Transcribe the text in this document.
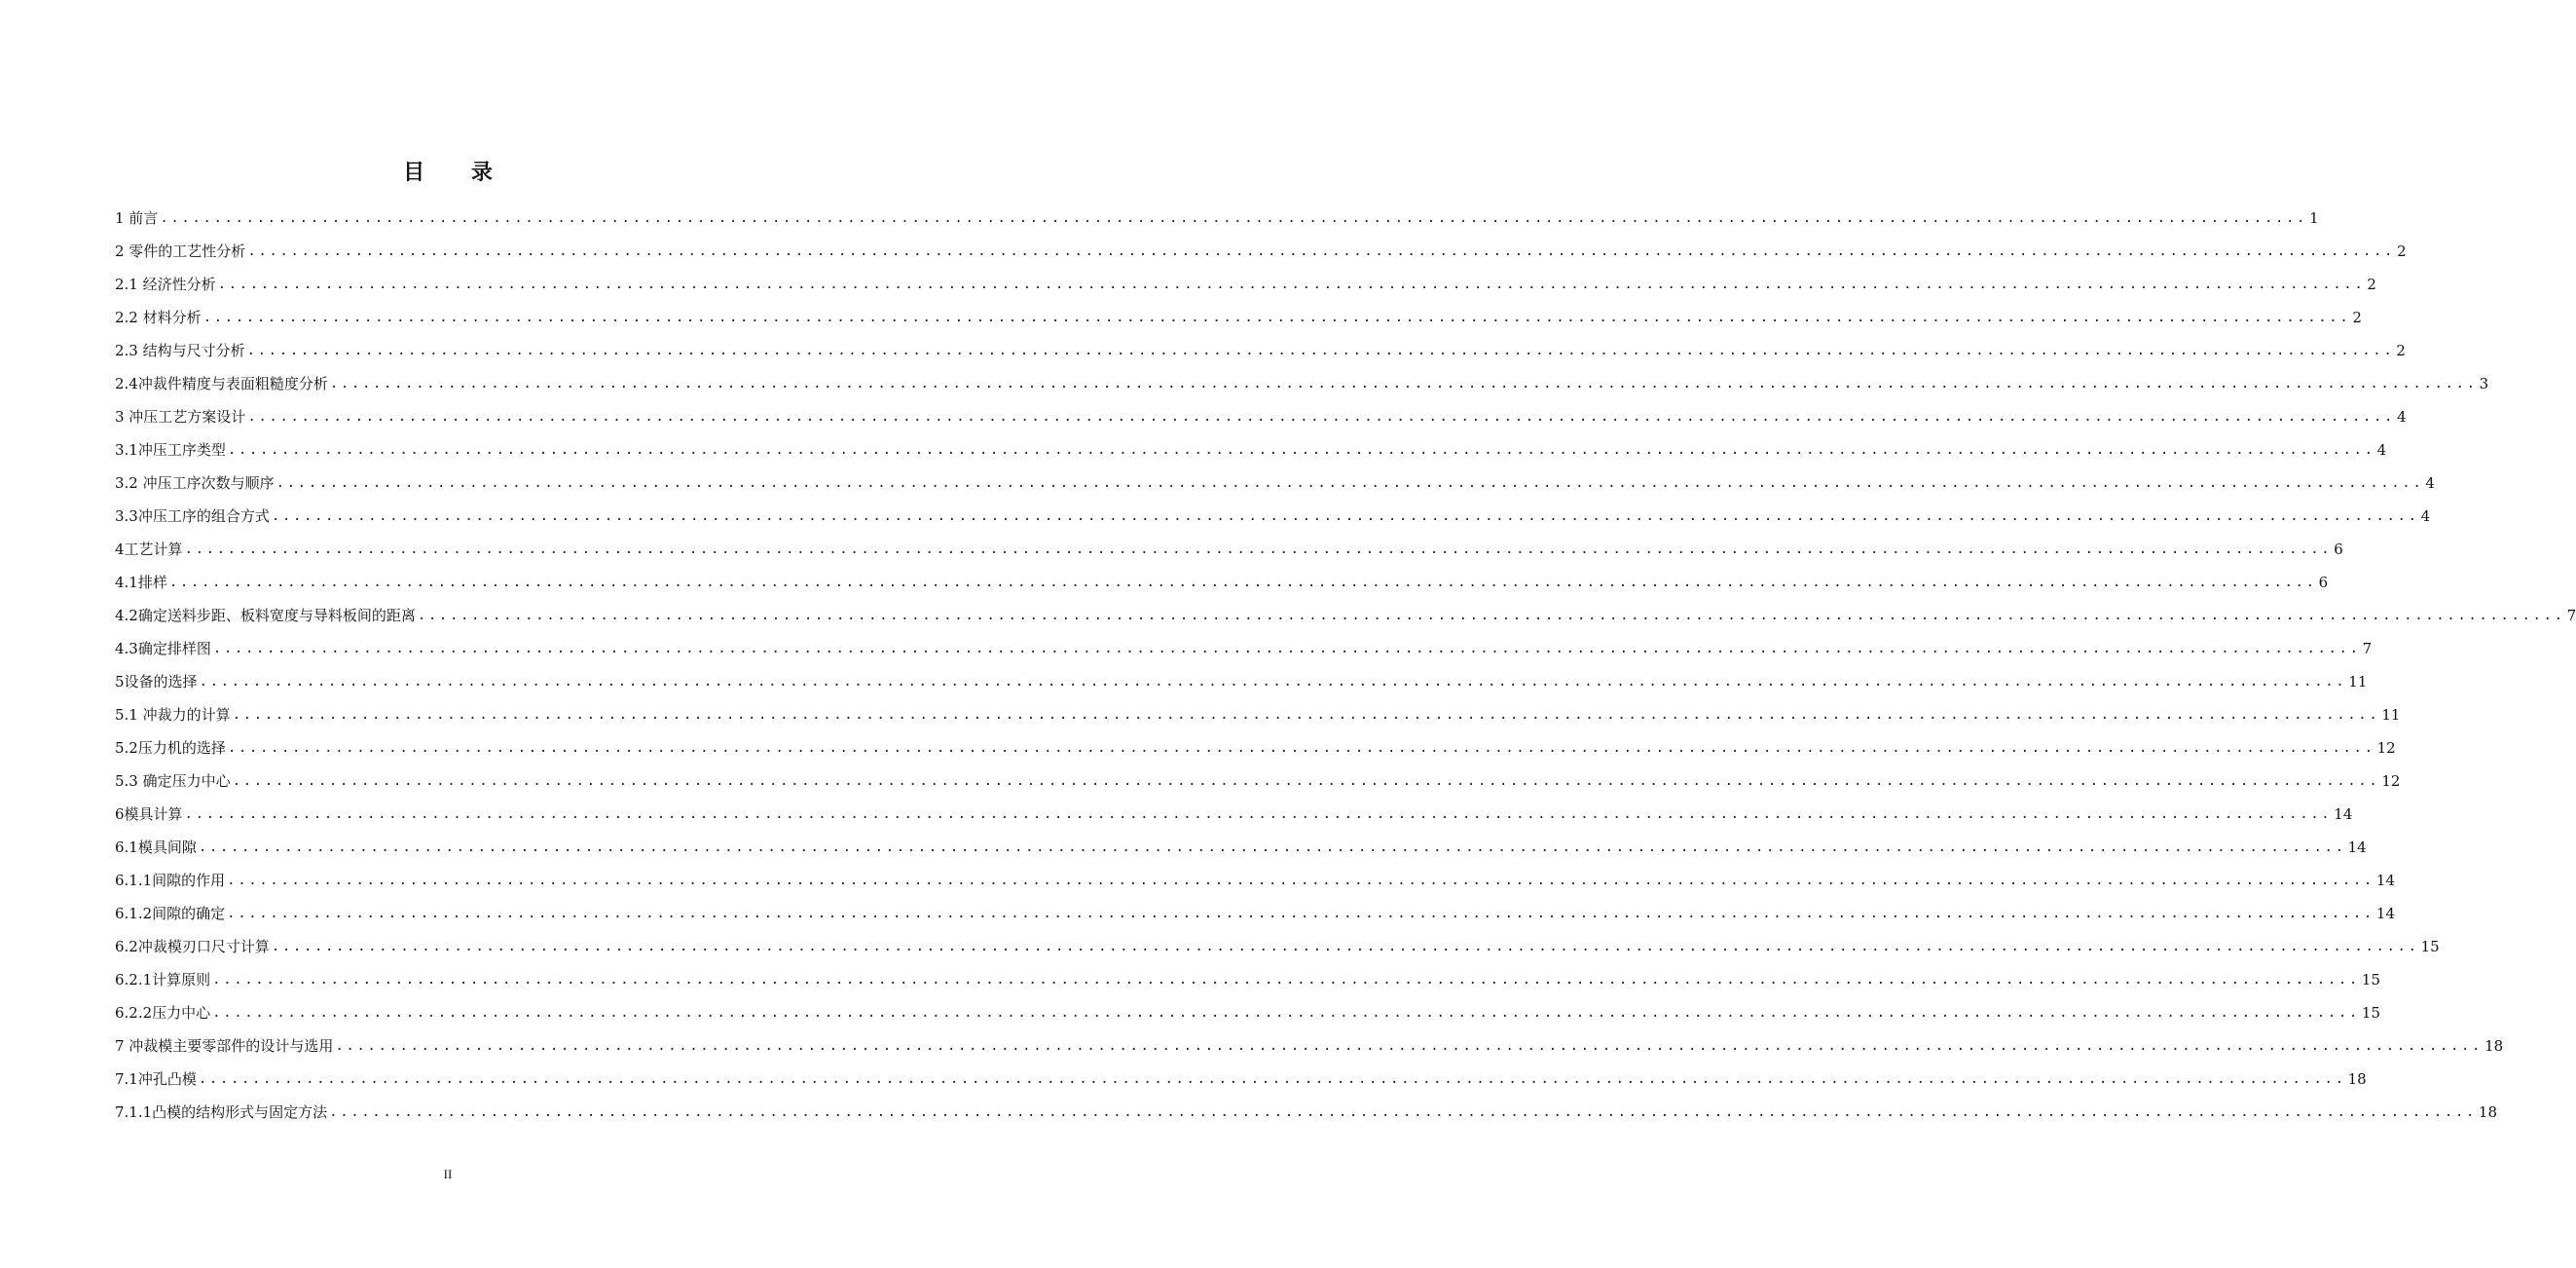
目 录
1 前言 ........................................................................................................................................................................................................ 1
2 零件的工艺性分析 ........................................................................................................................................................................................................ 2
2.1 经济性分析 ........................................................................................................................................................................................................ 2
2.2 材料分析 ........................................................................................................................................................................................................ 2
2.3 结构与尺寸分析 ........................................................................................................................................................................................................ 2
2.4冲裁件精度与表面粗糙度分析 ........................................................................................................................................................................................................ 3
3 冲压工艺方案设计 ........................................................................................................................................................................................................ 4
3.1冲压工序类型 ........................................................................................................................................................................................................ 4
3.2 冲压工序次数与顺序 ........................................................................................................................................................................................................ 4
3.3冲压工序的组合方式 ........................................................................................................................................................................................................ 4
4工艺计算 ........................................................................................................................................................................................................ 6
4.1排样 ........................................................................................................................................................................................................ 6
4.2确定送料步距、板料宽度与导料板间的距离 ........................................................................................................................................................................................................ 7
4.3确定排样图 ........................................................................................................................................................................................................ 7
5设备的选择 ........................................................................................................................................................................................................ 11
5.1 冲裁力的计算 ........................................................................................................................................................................................................ 11
5.2压力机的选择 ........................................................................................................................................................................................................ 12
5.3 确定压力中心 ........................................................................................................................................................................................................ 12
6模具计算 ........................................................................................................................................................................................................ 14
6.1模具间隙 ........................................................................................................................................................................................................ 14
6.1.1间隙的作用 ........................................................................................................................................................................................................ 14
6.1.2间隙的确定 ........................................................................................................................................................................................................ 14
6.2冲裁模刃口尺寸计算 ........................................................................................................................................................................................................ 15
6.2.1计算原则 ........................................................................................................................................................................................................ 15
6.2.2压力中心 ........................................................................................................................................................................................................ 15
7 冲裁模主要零部件的设计与选用 ........................................................................................................................................................................................................ 18
7.1冲孔凸模 ........................................................................................................................................................................................................ 18
7.1.1凸模的结构形式与固定方法 ........................................................................................................................................................................................................ 18
II
